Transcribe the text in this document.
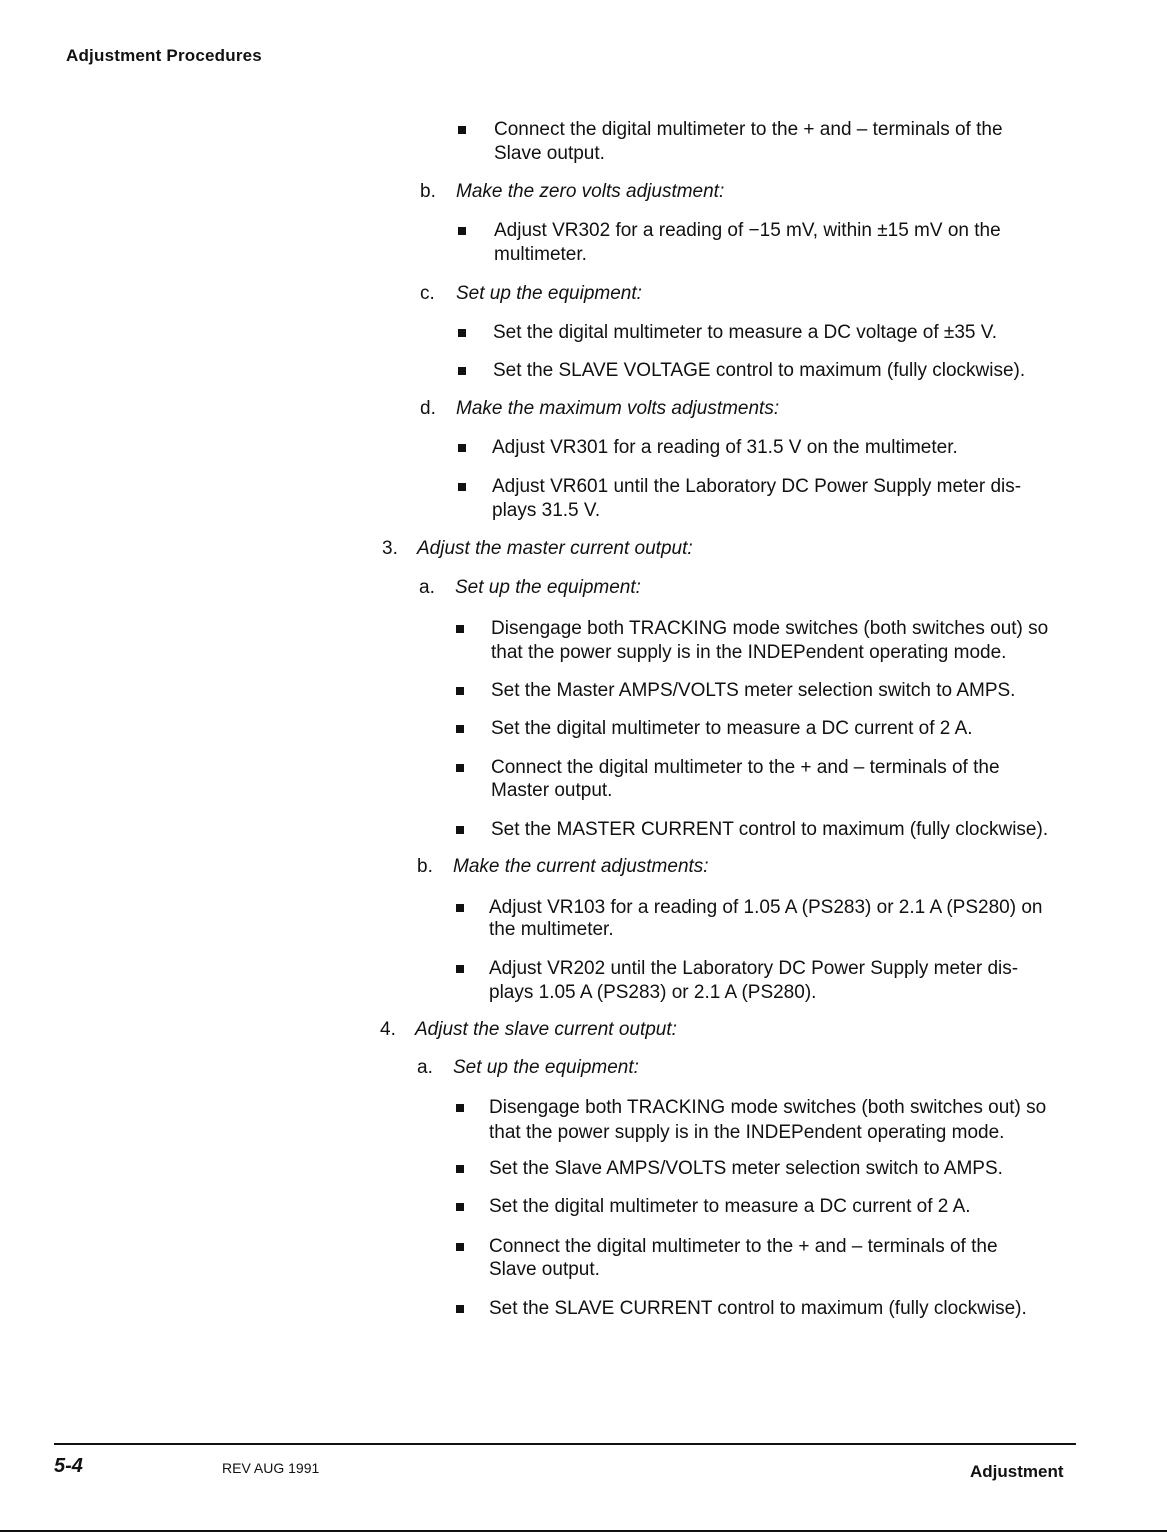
Adjustment Procedures
Connect the digital multimeter to the + and – terminals of the
Slave output.
b. Make the zero volts adjustment:
Adjust VR302 for a reading of −15 mV, within ±15 mV on the
multimeter.
c. Set up the equipment:
Set the digital multimeter to measure a DC voltage of ±35 V.
Set the SLAVE VOLTAGE control to maximum (fully clockwise).
d. Make the maximum volts adjustments:
Adjust VR301 for a reading of 31.5 V on the multimeter.
Adjust VR601 until the Laboratory DC Power Supply meter dis-
plays 31.5 V.
3. Adjust the master current output:
a. Set up the equipment:
Disengage both TRACKING mode switches (both switches out) so
that the power supply is in the INDEPendent operating mode.
Set the Master AMPS/VOLTS meter selection switch to AMPS.
Set the digital multimeter to measure a DC current of 2 A.
Connect the digital multimeter to the + and – terminals of the
Master output.
Set the MASTER CURRENT control to maximum (fully clockwise).
b. Make the current adjustments:
Adjust VR103 for a reading of 1.05 A (PS283) or 2.1 A (PS280) on
the multimeter.
Adjust VR202 until the Laboratory DC Power Supply meter dis-
plays 1.05 A (PS283) or 2.1 A (PS280).
4. Adjust the slave current output:
a. Set up the equipment:
Disengage both TRACKING mode switches (both switches out) so
that the power supply is in the INDEPendent operating mode.
Set the Slave AMPS/VOLTS meter selection switch to AMPS.
Set the digital multimeter to measure a DC current of 2 A.
Connect the digital multimeter to the + and – terminals of the
Slave output.
Set the SLAVE CURRENT control to maximum (fully clockwise).
5-4	REV AUG 1991	Adjustment
